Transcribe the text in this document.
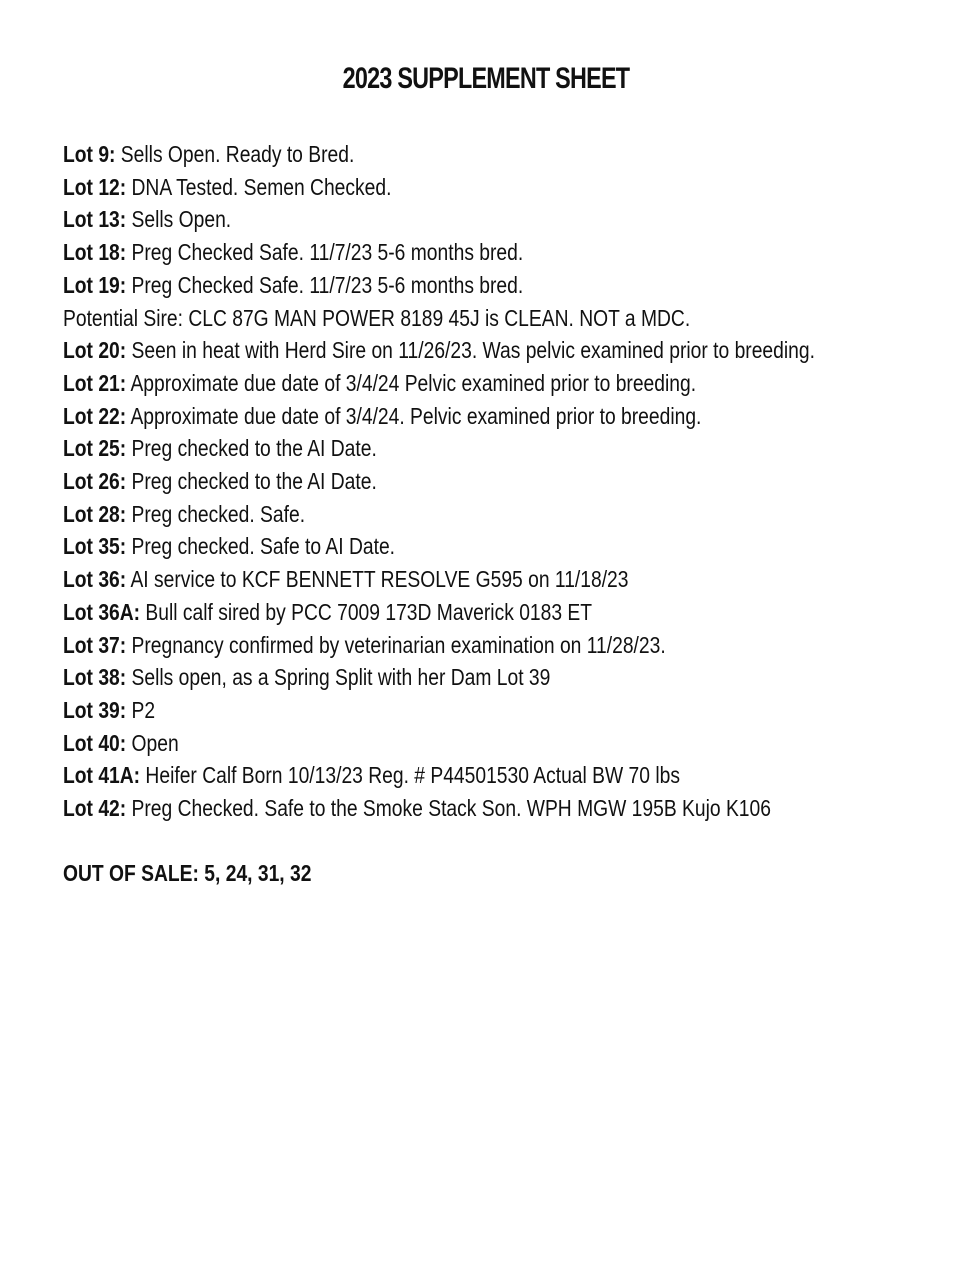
2023 SUPPLEMENT SHEET
Lot 9: Sells Open. Ready to Bred.
Lot 12: DNA Tested. Semen Checked.
Lot 13: Sells Open.
Lot 18: Preg Checked Safe. 11/7/23 5-6 months bred.
Lot 19: Preg Checked Safe. 11/7/23 5-6 months bred.
Potential Sire: CLC 87G MAN POWER 8189 45J is CLEAN. NOT a MDC.
Lot 20: Seen in heat with Herd Sire on 11/26/23. Was pelvic examined prior to breeding.
Lot 21: Approximate due date of 3/4/24 Pelvic examined prior to breeding.
Lot 22: Approximate due date of 3/4/24. Pelvic examined prior to breeding.
Lot 25: Preg checked to the AI Date.
Lot 26: Preg checked to the AI Date.
Lot 28: Preg checked. Safe.
Lot 35: Preg checked. Safe to AI Date.
Lot 36: AI service to KCF BENNETT RESOLVE G595 on 11/18/23
Lot 36A: Bull calf sired by PCC 7009 173D Maverick 0183 ET
Lot 37: Pregnancy confirmed by veterinarian examination on 11/28/23.
Lot 38: Sells open, as a Spring Split with her Dam Lot 39
Lot 39: P2
Lot 40: Open
Lot 41A: Heifer Calf Born 10/13/23 Reg. # P44501530 Actual BW 70 lbs
Lot 42: Preg Checked. Safe to the Smoke Stack Son. WPH MGW 195B Kujo K106
OUT OF SALE: 5, 24, 31, 32
